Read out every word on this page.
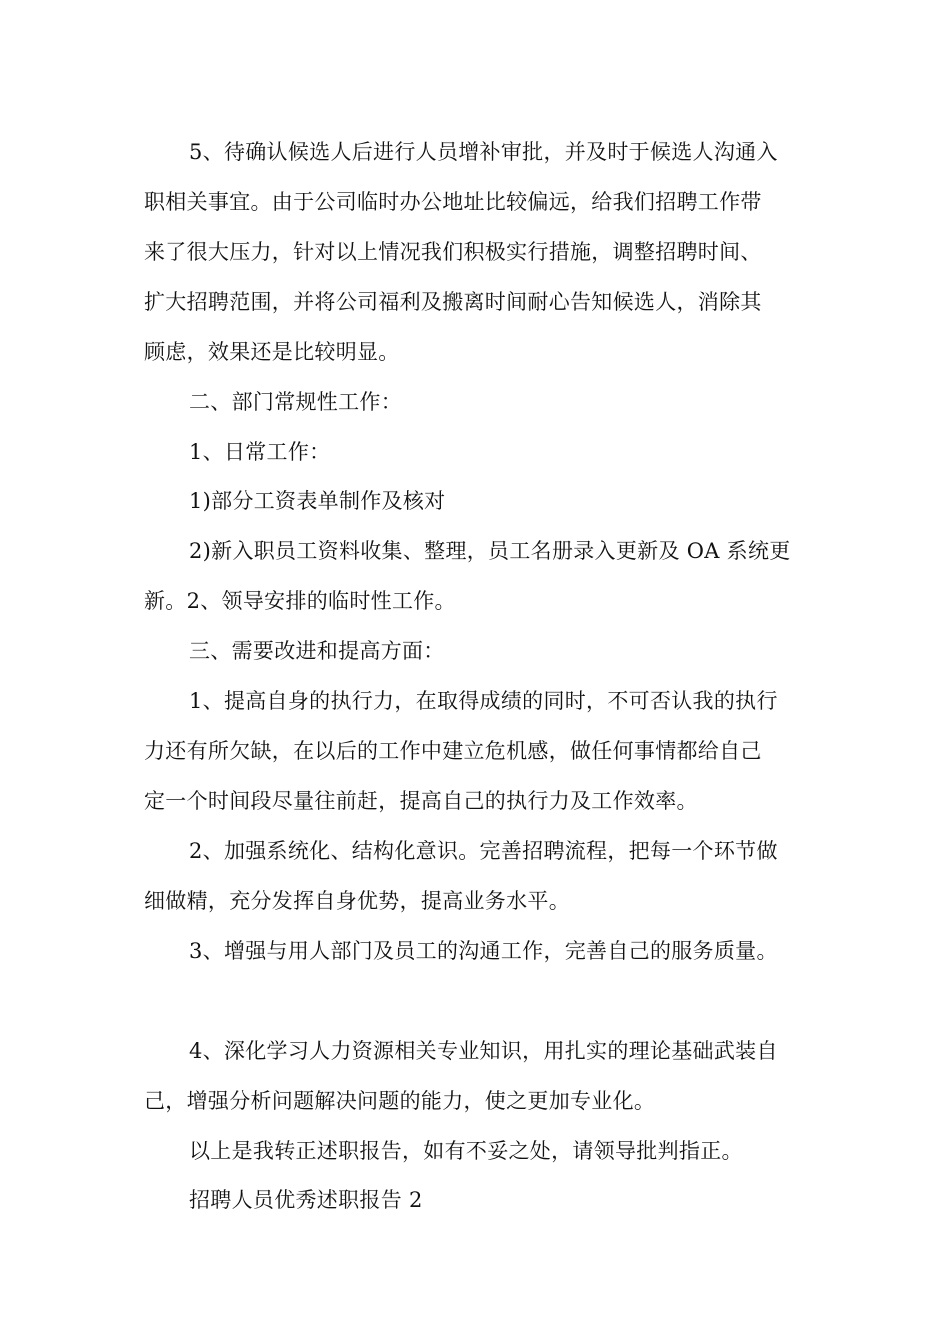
5、待确认候选人后进行人员增补审批，并及时于候选人沟通入
职相关事宜。由于公司临时办公地址比较偏远，给我们招聘工作带
来了很大压力，针对以上情况我们积极实行措施，调整招聘时间、
扩大招聘范围，并将公司福利及搬离时间耐心告知候选人，消除其
顾虑，效果还是比较明显。
二、部门常规性工作：
1、日常工作：
1)部分工资表单制作及核对
2)新入职员工资料收集、整理，员工名册录入更新及 OA 系统更
新。2、领导安排的临时性工作。
三、需要改进和提高方面：
1、提高自身的执行力，在取得成绩的同时，不可否认我的执行
力还有所欠缺，在以后的工作中建立危机感，做任何事情都给自己
定一个时间段尽量往前赶，提高自己的执行力及工作效率。
2、加强系统化、结构化意识。完善招聘流程，把每一个环节做
细做精，充分发挥自身优势，提高业务水平。
3、增强与用人部门及员工的沟通工作，完善自己的服务质量。
4、深化学习人力资源相关专业知识，用扎实的理论基础武装自
己，增强分析问题解决问题的能力，使之更加专业化。
以上是我转正述职报告，如有不妥之处，请领导批判指正。
招聘人员优秀述职报告 2
